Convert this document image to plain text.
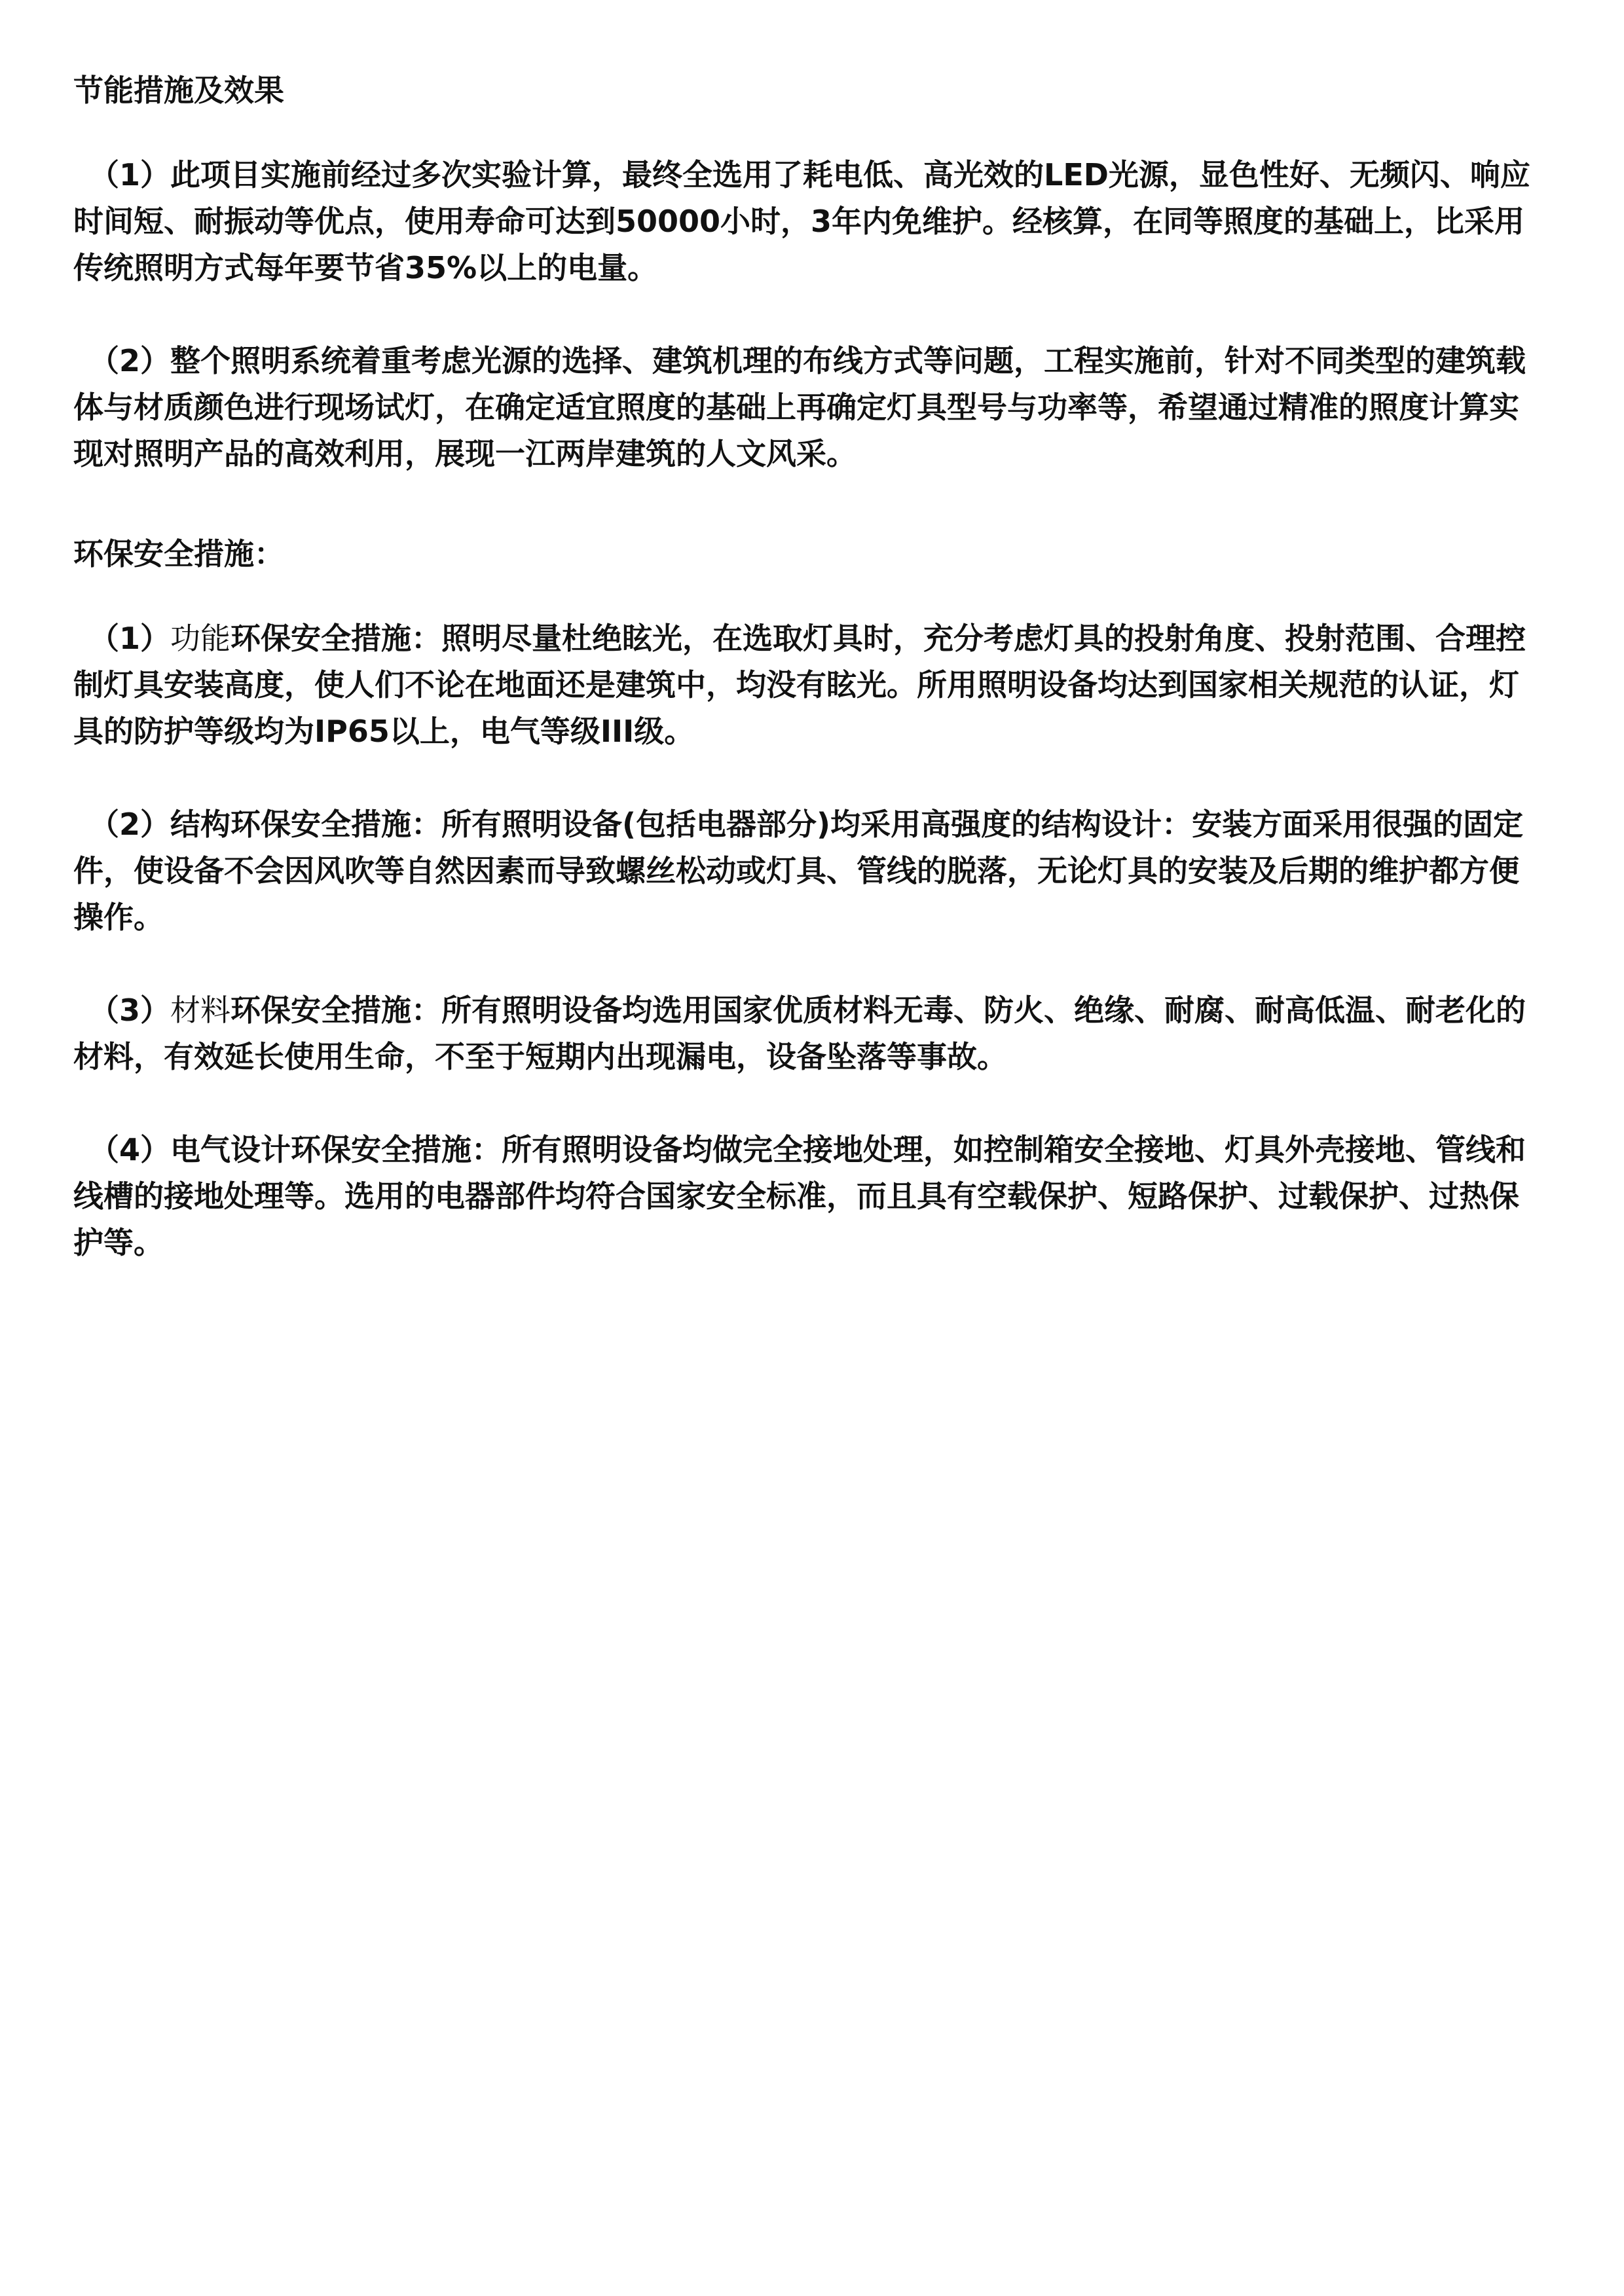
节能措施及效果

（1）此项目实施前经过多次实验计算，最终全选用了耗电低、高光效的LED光源，显色性好、无频闪、响应时间短、耐振动等优点，使用寿命可达到50000小时，3年内免维护。经核算，在同等照度的基础上，比采用传统照明方式每年要节省35%以上的电量。

（2）整个照明系统着重考虑光源的选择、建筑机理的布线方式等问题，工程实施前，针对不同类型的建筑载体与材质颜色进行现场试灯，在确定适宜照度的基础上再确定灯具型号与功率等，希望通过精准的照度计算实现对照明产品的高效利用，展现一江两岸建筑的人文风采。

环保安全措施：

（1）功能环保安全措施：照明尽量杜绝眩光，在选取灯具时，充分考虑灯具的投射角度、投射范围、合理控制灯具安装高度，使人们不论在地面还是建筑中，均没有眩光。所用照明设备均达到国家相关规范的认证，灯具的防护等级均为IP65以上，电气等级III级。

（2）结构环保安全措施：所有照明设备(包括电器部分)均采用高强度的结构设计：安装方面采用很强的固定件，使设备不会因风吹等自然因素而导致螺丝松动或灯具、管线的脱落，无论灯具的安装及后期的维护都方便操作。

（3）材料环保安全措施：所有照明设备均选用国家优质材料无毒、防火、绝缘、耐腐、耐高低温、耐老化的材料，有效延长使用生命，不至于短期内出现漏电，设备坠落等事故。

（4）电气设计环保安全措施：所有照明设备均做完全接地处理，如控制箱安全接地、灯具外壳接地、管线和线槽的接地处理等。选用的电器部件均符合国家安全标准，而且具有空载保护、短路保护、过载保护、过热保护等。
